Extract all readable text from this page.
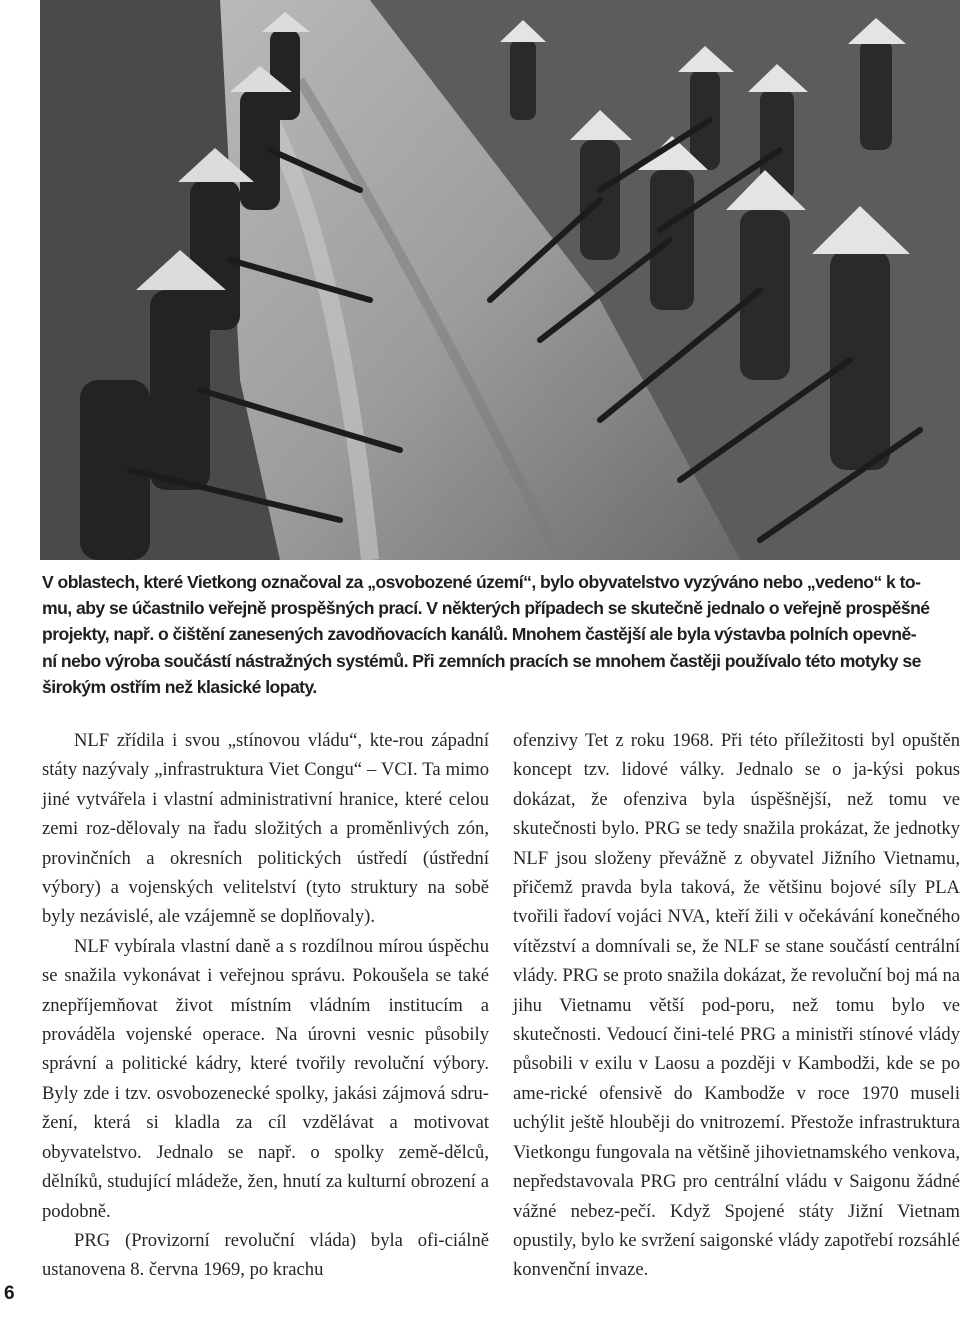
V oblastech, které Vietkong označoval za „osvobozené území“, bylo obyvatelstvo vyzýváno nebo „vedeno“ k to-
mu, aby se účastnilo veřejně prospěšných prací. V některých případech se skutečně jednalo o veřejně prospěšné
projekty, např. o čištění zanesených zavodňovacích kanálů. Mnohem častější ale byla výstavba polních opevně-
ní nebo výroba součástí nástražných systémů. Při zemních pracích se mnohem častěji používalo této motyky se
širokým ostřím než klasické lopaty.

NLF zřídila i svou „stínovou vládu“, kte-rou západní státy nazývaly „infrastruktura Viet Congu“ – VCI. Ta mimo jiné vytvářela i vlastní administrativní hranice, které celou zemi roz-dělovaly na řadu složitých a proměnlivých zón, provinčních a okresních politických ústředí (ústřední výbory) a vojenských velitelství (tyto struktury na sobě byly nezávislé, ale vzájemně se doplňovaly).

NLF vybírala vlastní daně a s rozdílnou mírou úspěchu se snažila vykonávat i veřejnou správu. Pokoušela se také znepříjemňovat život místním vládním institucím a prováděla vojenské operace. Na úrovni vesnic působily správní a politické kádry, které tvořily revoluční výbory. Byly zde i tzv. osvobozenecké spolky, jakási zájmová sdru-žení, která si kladla za cíl vzdělávat a motivovat obyvatelstvo. Jednalo se např. o spolky země-dělců, dělníků, studující mládeže, žen, hnutí za kulturní obrození a podobně.

PRG (Provizorní revoluční vláda) byla ofi-ciálně ustanovena 8. června 1969, po krachu

ofenzivy Tet z roku 1968. Při této příležitosti byl opuštěn koncept tzv. lidové války. Jednalo se o ja-kýsi pokus dokázat, že ofenziva byla úspěšnější, než tomu ve skutečnosti bylo. PRG se tedy snažila prokázat, že jednotky NLF jsou složeny převážně z obyvatel Jižního Vietnamu, přičemž pravda byla taková, že většinu bojové síly PLA tvořili řadoví vojáci NVA, kteří žili v očekávání konečného vítězství a domnívali se, že NLF se stane součástí centrální vlády. PRG se proto snažila dokázat, že revoluční boj má na jihu Vietnamu větší pod-poru, než tomu bylo ve skutečnosti. Vedoucí čini-telé PRG a ministři stínové vlády působili v exilu v Laosu a později v Kambodži, kde se po ame-rické ofensivě do Kambodže v roce 1970 museli uchýlit ještě hlouběji do vnitrozemí. Přestože infrastruktura Vietkongu fungovala na většině jihovietnamského venkova, nepředstavovala PRG pro centrální vládu v Saigonu žádné vážné nebez-pečí. Když Spojené státy Jižní Vietnam opustily, bylo ke svržení saigonské vlády zapotřebí rozsáhlé konvenční invaze.

6
